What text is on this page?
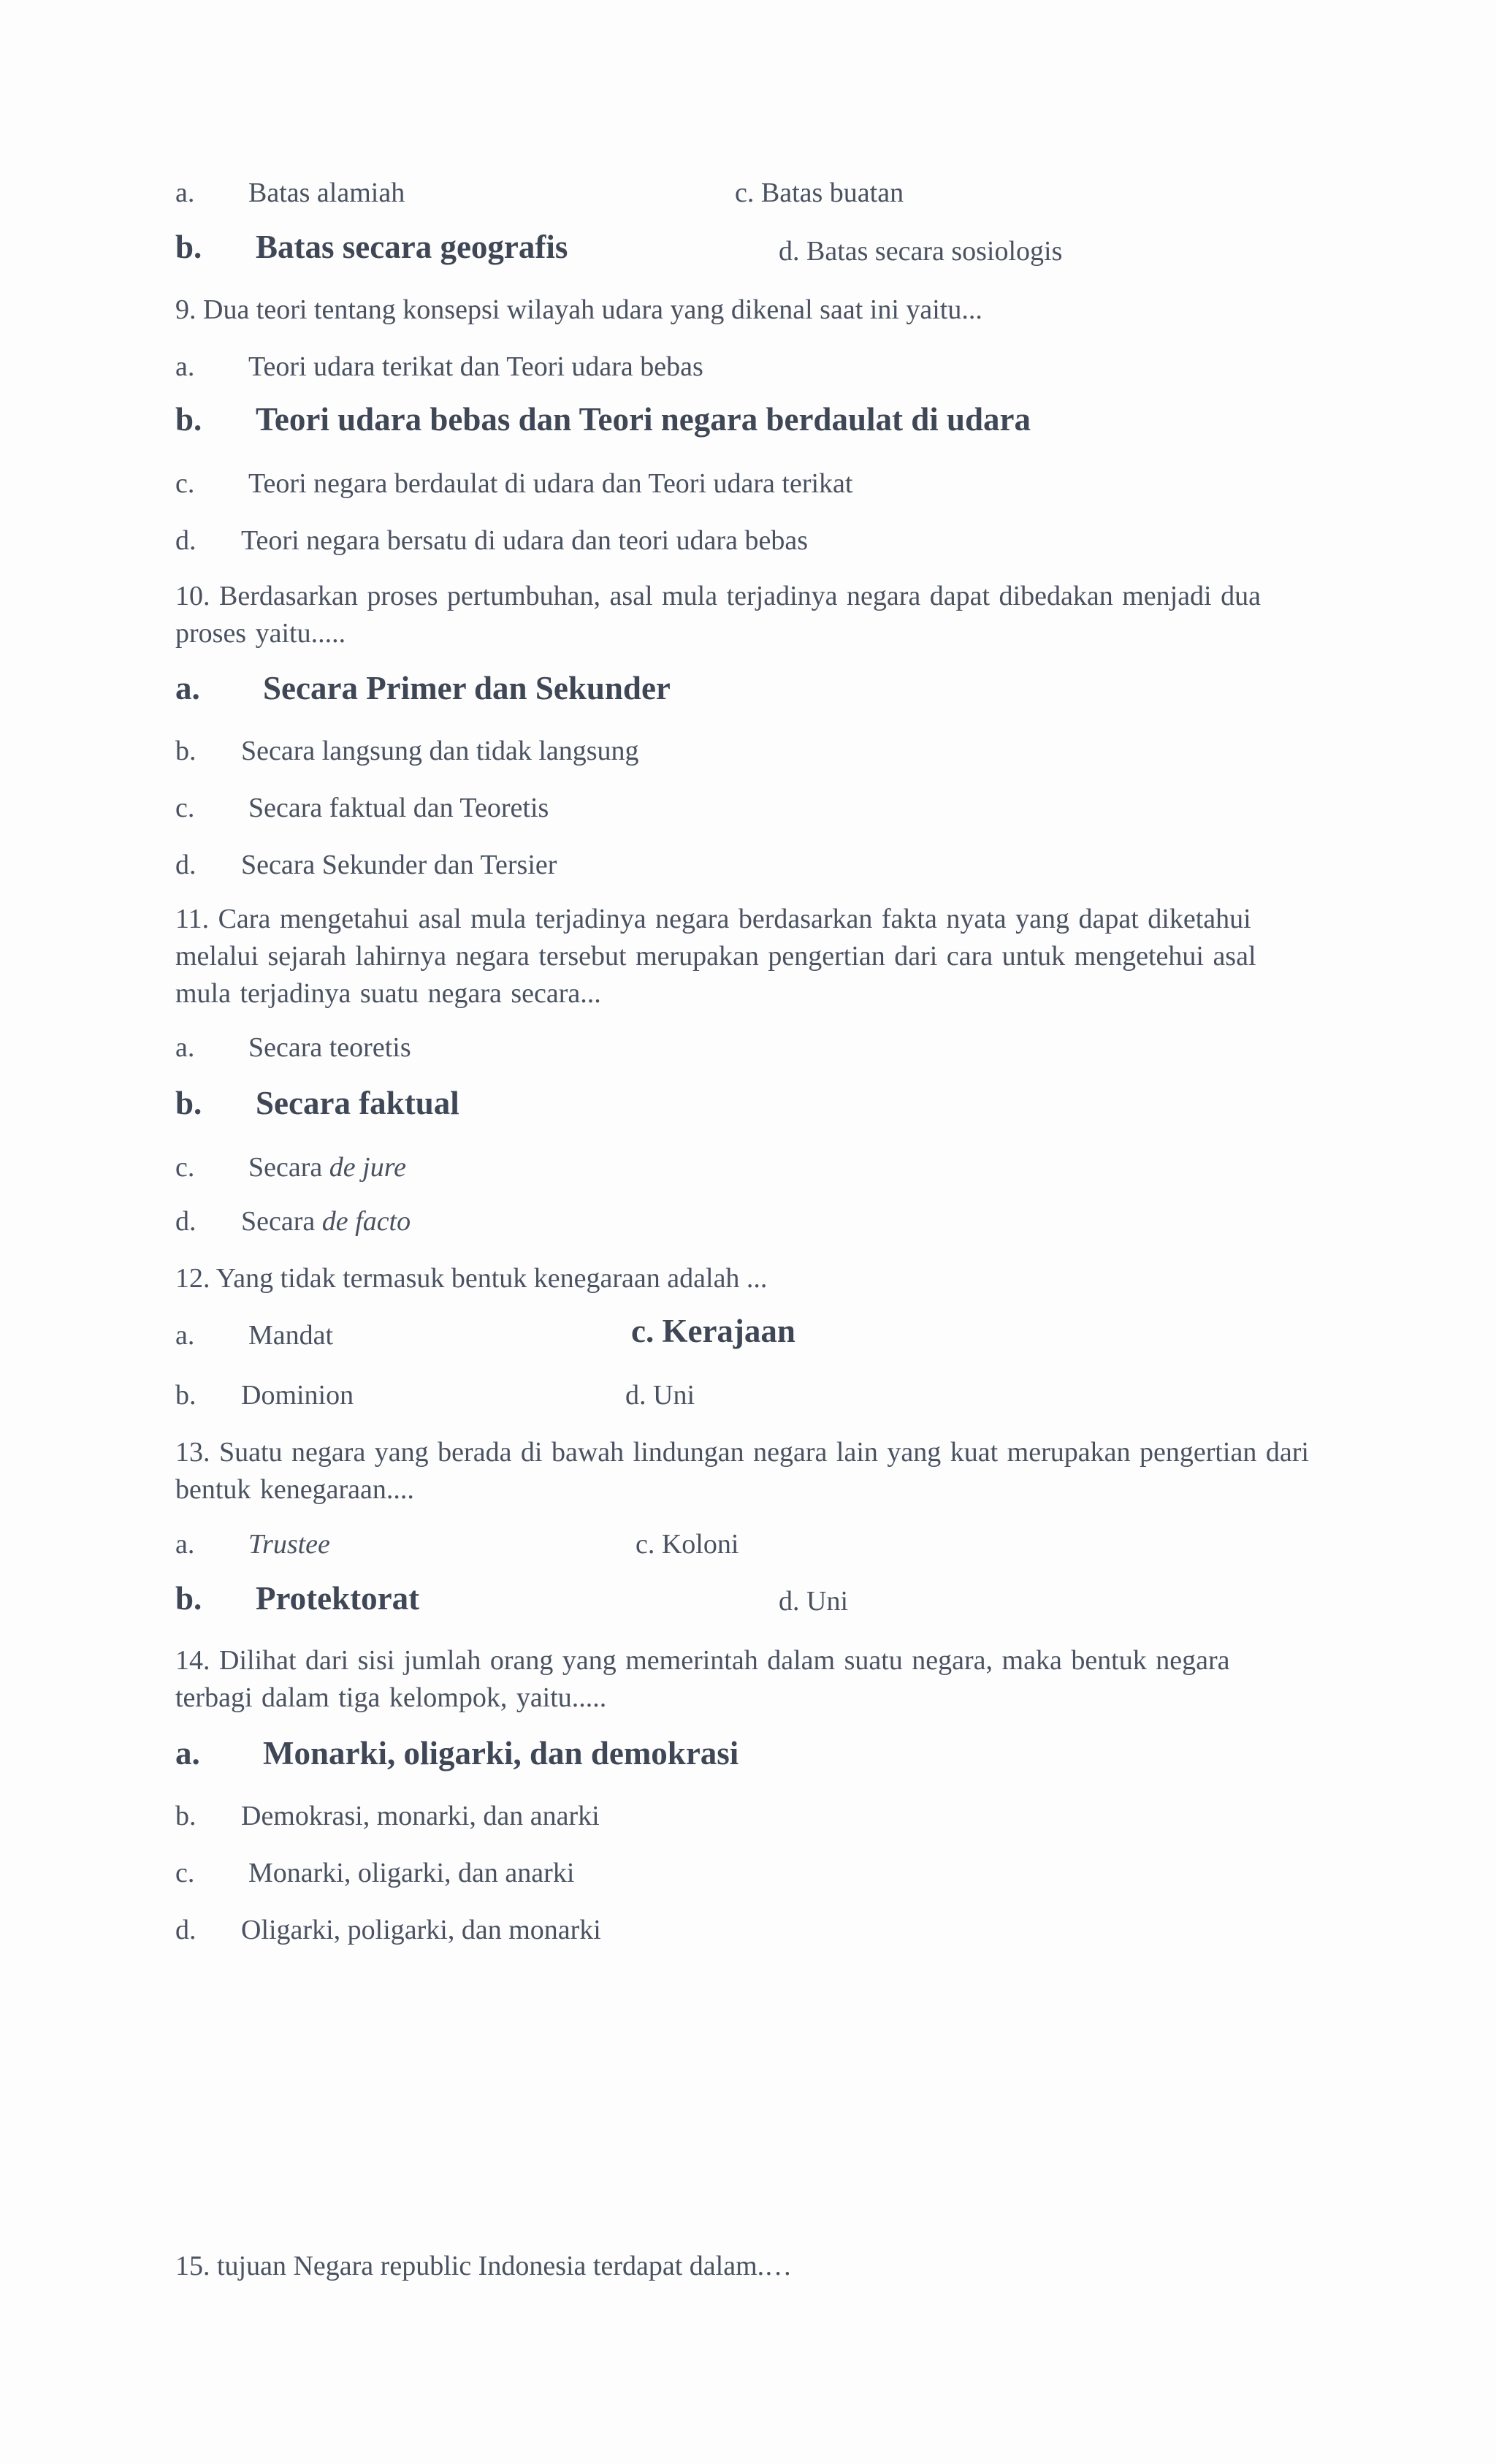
a. Batas alamiah	c. Batas buatan
b. Batas secara geografis	d. Batas secara sosiologis
9. Dua teori tentang konsepsi wilayah udara yang dikenal saat ini yaitu...
a. Teori udara terikat dan Teori udara bebas
b. Teori udara bebas dan Teori negara berdaulat di udara
c. Teori negara berdaulat di udara dan Teori udara terikat
d. Teori negara bersatu di udara dan teori udara bebas
10. Berdasarkan proses pertumbuhan, asal mula terjadinya negara dapat dibedakan menjadi dua proses yaitu.....
a. Secara Primer dan Sekunder
b. Secara langsung dan tidak langsung
c. Secara faktual dan Teoretis
d. Secara Sekunder dan Tersier
11. Cara mengetahui asal mula terjadinya negara berdasarkan fakta nyata yang dapat diketahui melalui sejarah lahirnya negara tersebut merupakan pengertian dari cara untuk mengetehui asal mula terjadinya suatu negara secara...
a. Secara teoretis
b. Secara faktual
c. Secara de jure
d. Secara de facto
12. Yang tidak termasuk bentuk kenegaraan adalah ...
a. Mandat	c. Kerajaan
b. Dominion	d. Uni
13. Suatu negara yang berada di bawah lindungan negara lain yang kuat merupakan pengertian dari bentuk kenegaraan....
a. Trustee	c. Koloni
b. Protektorat	d. Uni
14. Dilihat dari sisi jumlah orang yang memerintah dalam suatu negara, maka bentuk negara terbagi dalam tiga kelompok, yaitu.....
a. Monarki, oligarki, dan demokrasi
b. Demokrasi, monarki, dan anarki
c. Monarki, oligarki, dan anarki
d. Oligarki, poligarki, dan monarki
15. tujuan Negara republic Indonesia terdapat dalam.…
